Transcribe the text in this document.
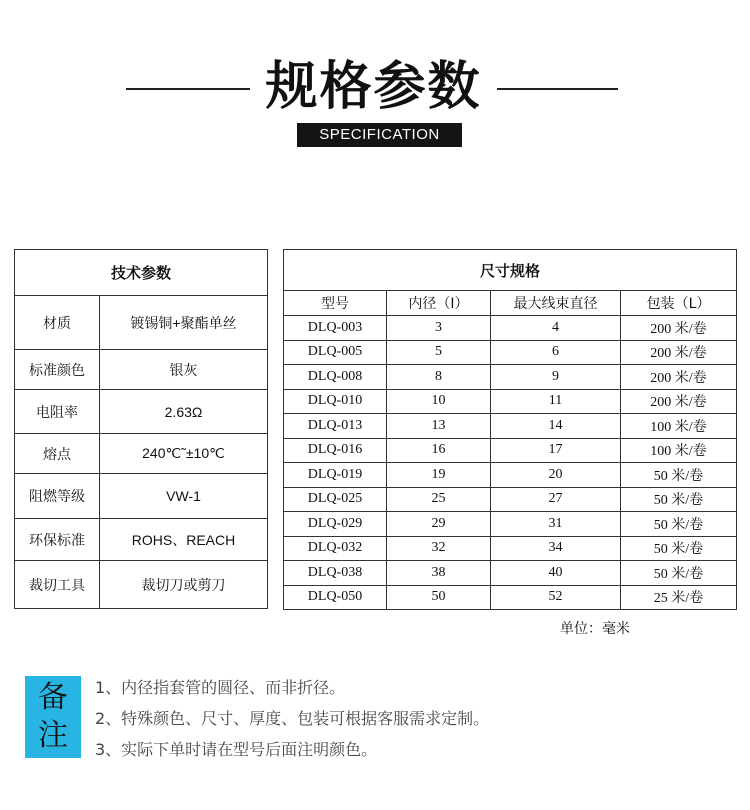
规格参数
SPECIFICATION
技术参数	
材质	镀锡铜+聚酯单丝
标准颜色	银灰
电阻率	2.63Ω
熔点	240℃˜±10℃
阻燃等级	VW-1
环保标准	ROHS、REACH
裁切工具	裁切刀或剪刀
尺寸规格			
型号	内径（I）	最大线束直径	包装（L）
DLQ-003	3	4	200 米/卷
DLQ-005	5	6	200 米/卷
DLQ-008	8	9	200 米/卷
DLQ-010	10	11	200 米/卷
DLQ-013	13	14	100 米/卷
DLQ-016	16	17	100 米/卷
DLQ-019	19	20	50 米/卷
DLQ-025	25	27	50 米/卷
DLQ-029	29	31	50 米/卷
DLQ-032	32	34	50 米/卷
DLQ-038	38	40	50 米/卷
DLQ-050	50	52	25 米/卷
单位：毫米
备
注
1、内径指套管的圆径、而非折径。
2、特殊颜色、尺寸、厚度、包装可根据客服需求定制。
3、实际下单时请在型号后面注明颜色。
